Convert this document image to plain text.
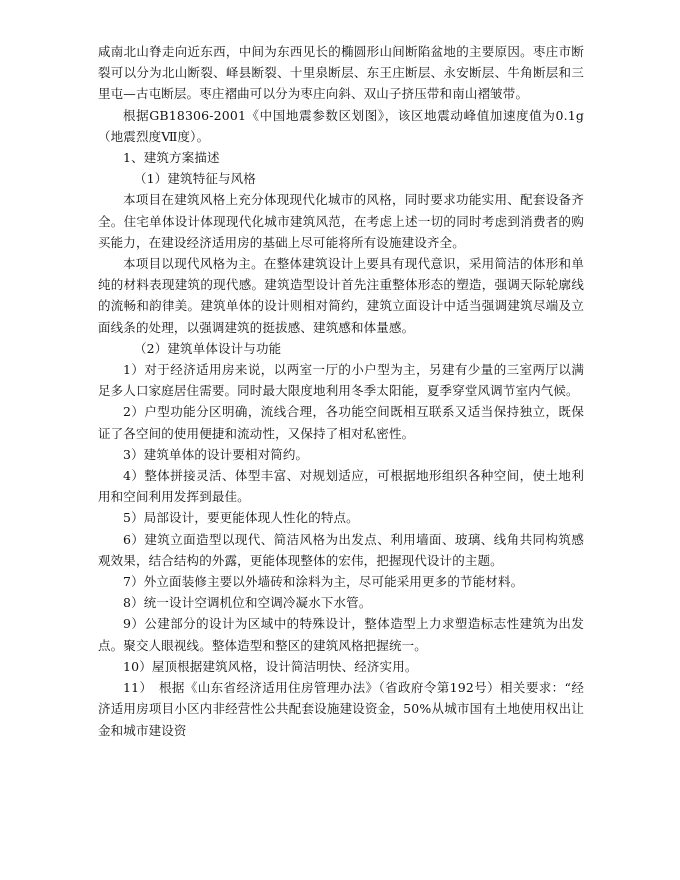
咸南北山脊走向近东西，中间为东西见长的椭圆形山间断陷盆地的主要原因。枣庄市断裂可以分为北山断裂、峄县断裂、十里泉断层、东王庄断层、永安断层、牛角断层和三里屯—古屯断层。枣庄褶曲可以分为枣庄向斜、双山子挤压带和南山褶皱带。

根据GB18306-2001《中国地震参数区划图》，该区地震动峰值加速度值为0.1g（地震烈度Ⅶ度）。

1、建筑方案描述

（1）建筑特征与风格

本项目在建筑风格上充分体现现代化城市的风格，同时要求功能实用、配套设备齐全。住宅单体设计体现现代化城市建筑风范，在考虑上述一切的同时考虑到消费者的购买能力，在建设经济适用房的基础上尽可能将所有设施建设齐全。

本项目以现代风格为主。在整体建筑设计上要具有现代意识，采用简洁的体形和单纯的材料表现建筑的现代感。建筑造型设计首先注重整体形态的塑造，强调天际轮廓线的流畅和韵律美。建筑单体的设计则相对简约，建筑立面设计中适当强调建筑尽端及立面线条的处理，以强调建筑的挺拔感、建筑感和体量感。

（2）建筑单体设计与功能

1）对于经济适用房来说，以两室一厅的小户型为主，另建有少量的三室两厅以满足多人口家庭居住需要。同时最大限度地利用冬季太阳能，夏季穿堂风调节室内气候。

2）户型功能分区明确，流线合理，各功能空间既相互联系又适当保持独立，既保证了各空间的使用便捷和流动性，又保持了相对私密性。

3）建筑单体的设计要相对简约。

4）整体拼接灵活、体型丰富、对规划适应，可根据地形组织各种空间，使土地利用和空间利用发挥到最佳。

5）局部设计，要更能体现人性化的特点。

6）建筑立面造型以现代、简洁风格为出发点、利用墙面、玻璃、线角共同构筑感观效果，结合结构的外露，更能体现整体的宏伟，把握现代设计的主题。

7）外立面装修主要以外墙砖和涂料为主，尽可能采用更多的节能材料。

8）统一设计空调机位和空调冷凝水下水管。

9）公建部分的设计为区域中的特殊设计，整体造型上力求塑造标志性建筑为出发点。聚交人眼视线。整体造型和整区的建筑风格把握统一。

10）屋顶根据建筑风格，设计简洁明快、经济实用。

11）　根据《山东省经济适用住房管理办法》（省政府令第192号）相关要求：“经济适用房项目小区内非经营性公共配套设施建设资金，50%从城市国有土地使用权出让金和城市建设资
